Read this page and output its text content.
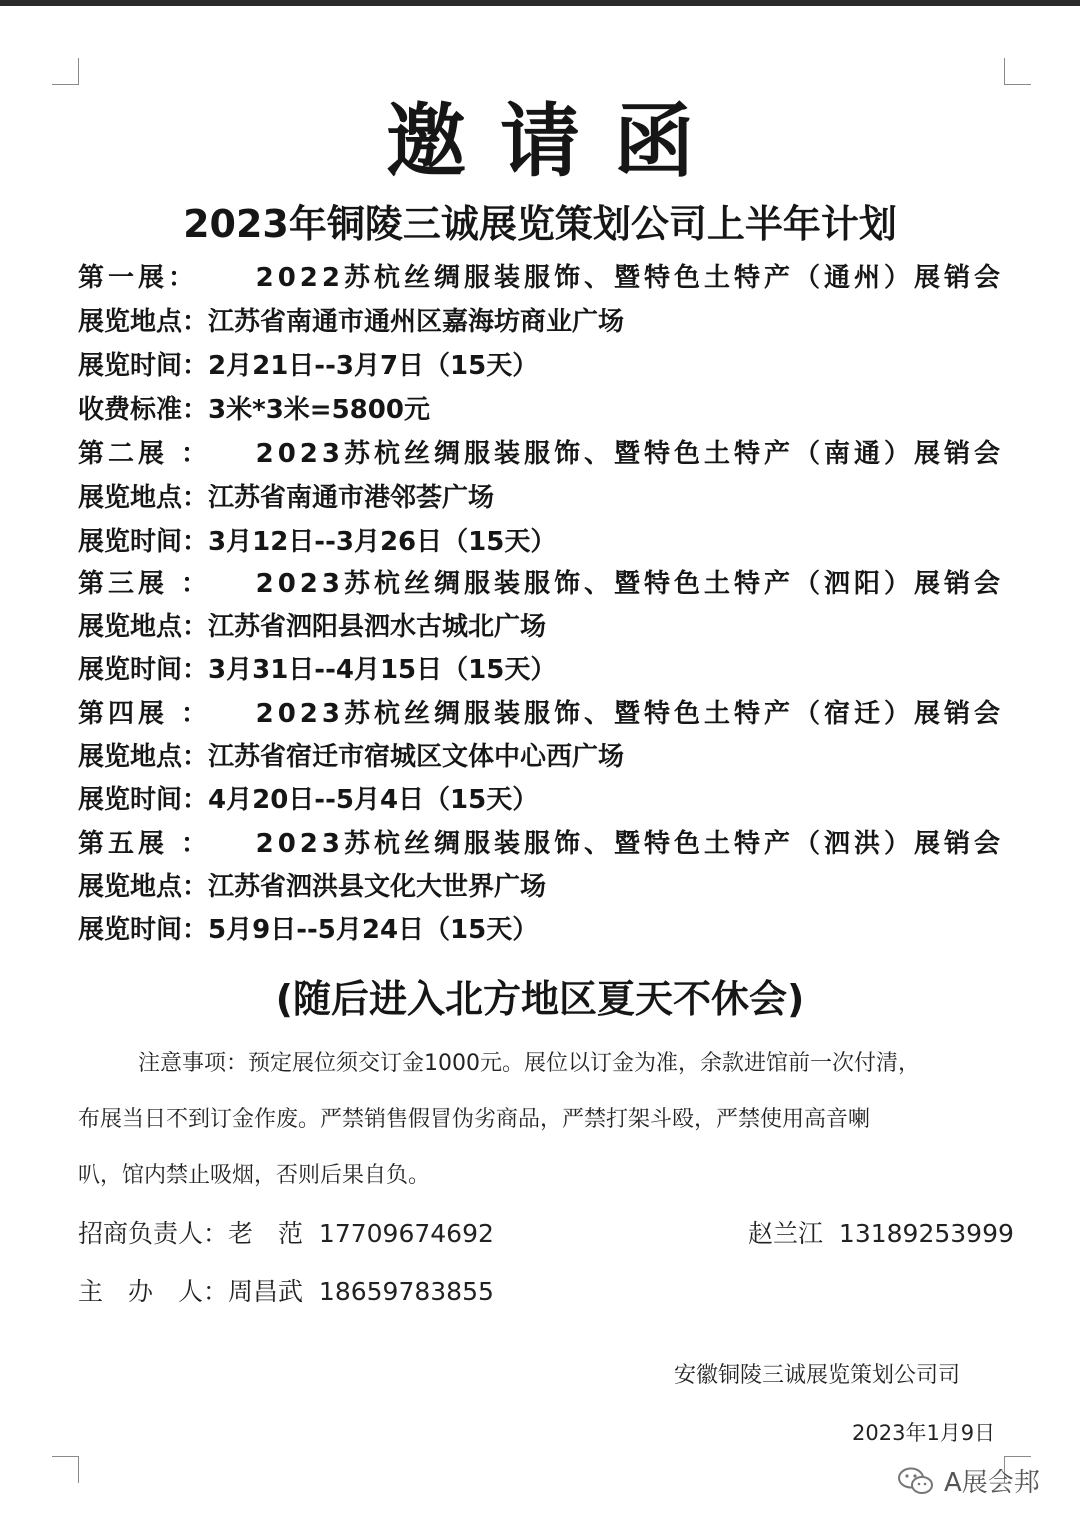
邀请函
2023年铜陵三诚展览策划公司上半年计划
第一展： 2022苏杭丝绸服装服饰、暨特色土特产（通州）展销会
展览地点：江苏省南通市通州区嘉海坊商业广场
展览时间：2月21日--3月7日（15天）
收费标准：3米*3米=5800元
第二展 ： 2023苏杭丝绸服装服饰、暨特色土特产（南通）展销会
展览地点：江苏省南通市港邻荟广场
展览时间：3月12日--3月26日（15天）
第三展 ： 2023苏杭丝绸服装服饰、暨特色土特产（泗阳）展销会
展览地点：江苏省泗阳县泗水古城北广场
展览时间：3月31日--4月15日（15天）
第四展 ： 2023苏杭丝绸服装服饰、暨特色土特产（宿迁）展销会
展览地点：江苏省宿迁市宿城区文体中心西广场
展览时间：4月20日--5月4日（15天）
第五展 ： 2023苏杭丝绸服装服饰、暨特色土特产（泗洪）展销会
展览地点：江苏省泗洪县文化大世界广场
展览时间：5月9日--5月24日（15天）
(随后进入北方地区夏天不休会)
注意事项：预定展位须交订金1000元。展位以订金为准，余款进馆前一次付清，
布展当日不到订金作废。严禁销售假冒伪劣商品，严禁打架斗殴，严禁使用高音喇
叭，馆内禁止吸烟，否则后果自负。
招商负责人：老　范 17709674692	赵兰江 13189253999
主　办　人：周昌武 18659783855
安徽铜陵三诚展览策划公司司
2023年1月9日
A展会邦
